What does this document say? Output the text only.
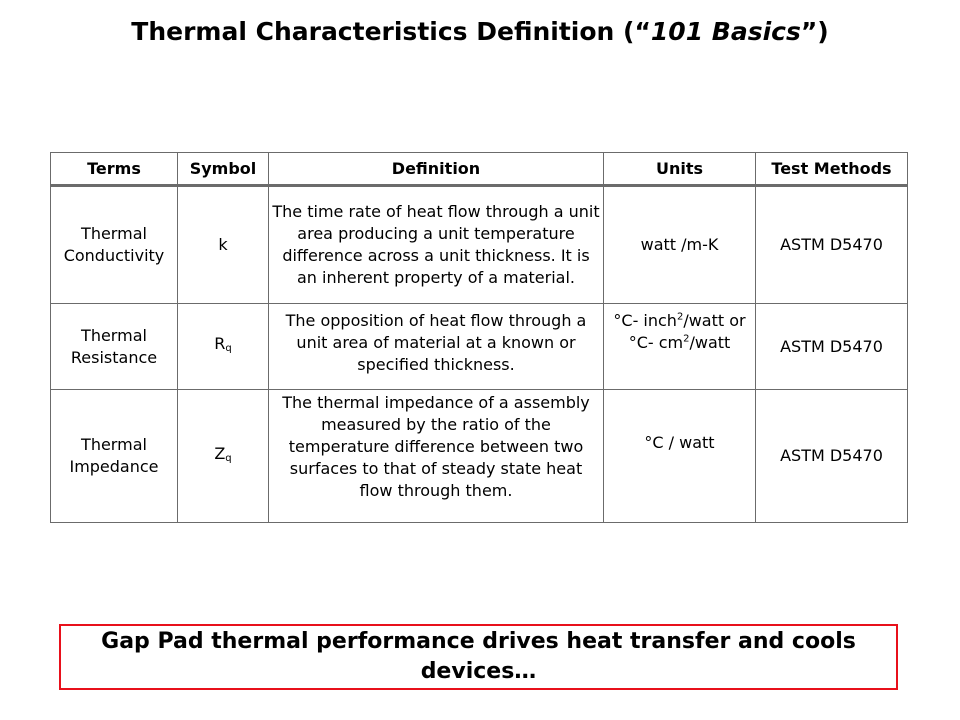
Thermal Characteristics Definition (“101 Basics”)
Terms	Symbol	Definition	Units	Test Methods
Thermal Conductivity	k	The time rate of heat flow through a unit area producing a unit temperature difference across a unit thickness. It is an inherent property of a material.	watt /m-K	ASTM D5470
Thermal Resistance	Rq	The opposition of heat flow through a unit area of material at a known or specified thickness.	°C- inch$^2$/watt or °C- $cm^2$/watt	ASTM D5470
Thermal Impedance	Zq	The thermal impedance of a assembly measured by the ratio of the temperature difference between two surfaces to that of steady state heat flow through them.	°C / watt	ASTM D5470
Gap Pad thermal performance drives heat transfer and cools devices…
